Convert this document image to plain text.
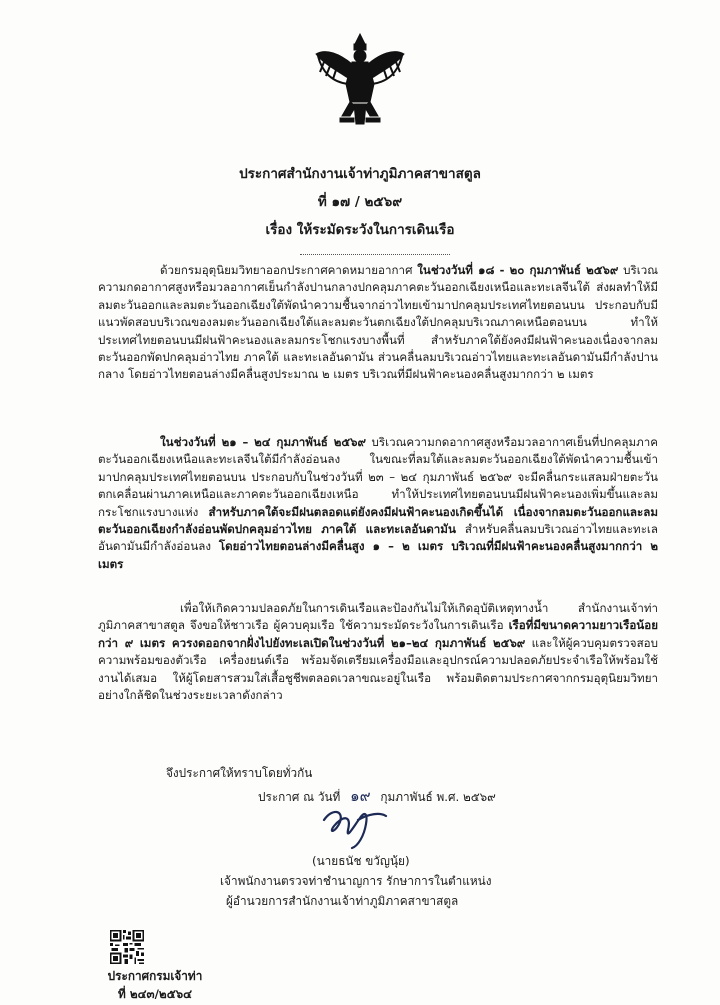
ประกาศสำนักงานเจ้าท่าภูมิภาคสาขาสตูล
ที่ ๑๗ / ๒๕๖๙
เรื่อง ให้ระมัดระวังในการเดินเรือ

ด้วยกรมอุตุนิยมวิทยาออกประกาศคาดหมายอากาศ ในช่วงวันที่ ๑๘ - ๒๐ กุมภาพันธ์ ๒๕๖๙ บริเวณความกดอากาศสูงหรือมวลอากาศเย็นกำลังปานกลางปกคลุมภาคตะวันออกเฉียงเหนือและทะเลจีนใต้ ส่งผลทำให้มีลมตะวันออกและลมตะวันออกเฉียงใต้พัดนำความชื้นจากอ่าวไทยเข้ามาปกคลุมประเทศไทยตอนบน ประกอบกับมีแนวพัดสอบบริเวณของลมตะวันออกเฉียงใต้และลมตะวันตกเฉียงใต้ปกคลุมบริเวณภาคเหนือตอนบน ทำให้ประเทศไทยตอนบนมีฝนฟ้าคะนองและลมกระโชกแรงบางพื้นที่ สำหรับภาคใต้ยังคงมีฝนฟ้าคะนองเนื่องจากลมตะวันออกพัดปกคลุมอ่าวไทย ภาคใต้ และทะเลอันดามัน ส่วนคลื่นลมบริเวณอ่าวไทยและทะเลอันดามันมีกำลังปานกลาง โดยอ่าวไทยตอนล่างมีคลื่นสูงประมาณ ๒ เมตร บริเวณที่มีฝนฟ้าคะนองคลื่นสูงมากกว่า ๒ เมตร

ในช่วงวันที่ ๒๑ – ๒๔ กุมภาพันธ์ ๒๕๖๙ บริเวณความกดอากาศสูงหรือมวลอากาศเย็นที่ปกคลุมภาคตะวันออกเฉียงเหนือและทะเลจีนใต้มีกำลังอ่อนลง ในขณะที่ลมใต้และลมตะวันออกเฉียงใต้พัดนำความชื้นเข้ามาปกคลุมประเทศไทยตอนบน ประกอบกับในช่วงวันที่ ๒๓ – ๒๔ กุมภาพันธ์ ๒๕๖๙ จะมีคลื่นกระแสลมฝ่ายตะวันตกเคลื่อนผ่านภาคเหนือและภาคตะวันออกเฉียงเหนือ ทำให้ประเทศไทยตอนบนมีฝนฟ้าคะนองเพิ่มขึ้นและลมกระโชกแรงบางแห่ง สำหรับภาคใต้จะมีฝนตลอดแต่ยังคงมีฝนฟ้าคะนองเกิดขึ้นได้ เนื่องจากลมตะวันออกและลมตะวันออกเฉียงกำลังอ่อนพัดปกคลุมอ่าวไทย ภาคใต้ และทะเลอันดามัน สำหรับคลื่นลมบริเวณอ่าวไทยและทะเลอันดามันมีกำลังอ่อนลง โดยอ่าวไทยตอนล่างมีคลื่นสูง ๑ – ๒ เมตร บริเวณที่มีฝนฟ้าคะนองคลื่นสูงมากกว่า ๒ เมตร

เพื่อให้เกิดความปลอดภัยในการเดินเรือและป้องกันไม่ให้เกิดอุบัติเหตุทางน้ำ สำนักงานเจ้าท่าภูมิภาคสาขาสตูล จึงขอให้ชาวเรือ ผู้ควบคุมเรือ ใช้ความระมัดระวังในการเดินเรือ เรือที่มีขนาดความยาวเรือน้อยกว่า ๙ เมตร ควรงดออกจากฝั่งไปยังทะเลเปิดในช่วงวันที่ ๒๑–๒๔ กุมภาพันธ์ ๒๕๖๙ และให้ผู้ควบคุมตรวจสอบความพร้อมของตัวเรือ เครื่องยนต์เรือ พร้อมจัดเตรียมเครื่องมือและอุปกรณ์ความปลอดภัยประจำเรือให้พร้อมใช้งานได้เสมอ ให้ผู้โดยสารสวมใส่เสื้อชูชีพตลอดเวลาขณะอยู่ในเรือ พร้อมติดตามประกาศจากกรมอุตุนิยมวิทยาอย่างใกล้ชิดในช่วงระยะเวลาดังกล่าว

จึงประกาศให้ทราบโดยทั่วกัน
ประกาศ ณ วันที่ ๑๙ กุมภาพันธ์ พ.ศ. ๒๕๖๙
(นายธนัช ขวัญนุ้ย)
เจ้าพนักงานตรวจท่าชำนาญการ รักษาการในตำแหน่ง
ผู้อำนวยการสำนักงานเจ้าท่าภูมิภาคสาขาสตูล
ประกาศกรมเจ้าท่า
ที่ ๒๔๓/๒๕๖๔
